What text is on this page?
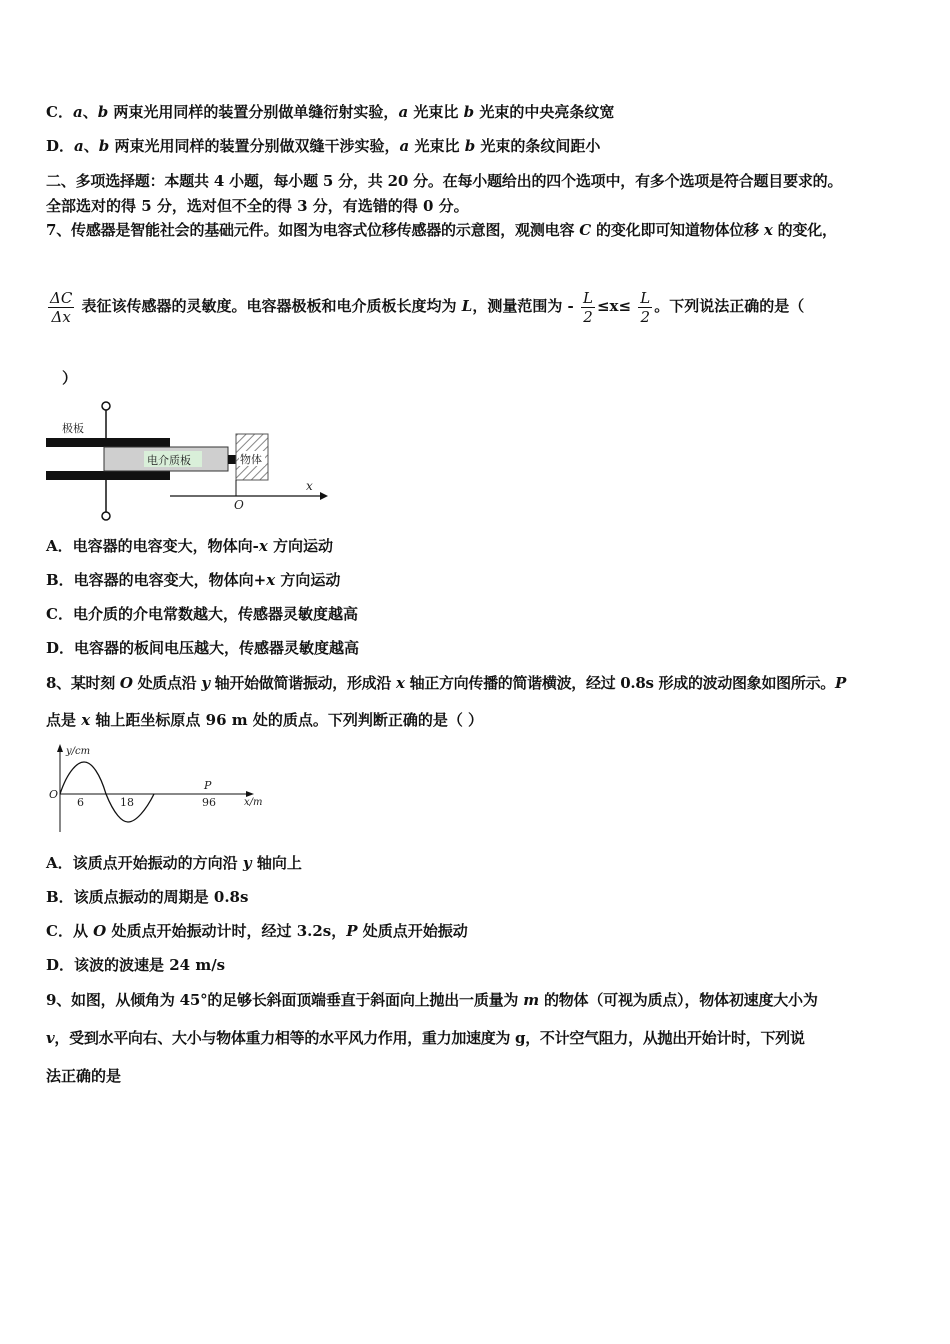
C．a、b 两束光用同样的装置分别做单缝衍射实验，a 光束比 b 光束的中央亮条纹宽
D．a、b 两束光用同样的装置分别做双缝干涉实验，a 光束比 b 光束的条纹间距小
二、多项选择题：本题共 4 小题，每小题 5 分，共 20 分。在每小题给出的四个选项中，有多个选项是符合题目要求的。
全部选对的得 5 分，选对但不全的得 3 分，有选错的得 0 分。
7、传感器是智能社会的基础元件。如图为电容式位移传感器的示意图，观测电容 C 的变化即可知道物体位移 x 的变化，
$\frac{\Delta C}{\Delta x}$ 表征该传感器的灵敏度。电容器极板和电介质板长度均为 L，测量范围为 - $\frac{L}{2} \le x\le \frac{L}{2}$ 。下列说法正确的是（
）
极板
电介质板	物体
x
O
A．电容器的电容变大，物体向-x 方向运动
B．电容器的电容变大，物体向+x 方向运动
C．电介质的介电常数越大，传感器灵敏度越高
D．电容器的板间电压越大，传感器灵敏度越高
8、某时刻 O 处质点沿 y 轴开始做简谐振动，形成沿 x 轴正方向传播的简谐横波，经过 0.8s 形成的波动图象如图所示。P
点是 x 轴上距坐标原点 96 m 处的质点。下列判断正确的是（ ）
y/cm
x/m
O
6	18	96
P
A．该质点开始振动的方向沿 y 轴向上
B．该质点振动的周期是 0.8s
C．从 O 处质点开始振动计时，经过 3.2s，P 处质点开始振动
D．该波的波速是 24 m/s
9、如图，从倾角为 45°的足够长斜面顶端垂直于斜面向上抛出一质量为 m 的物体（可视为质点），物体初速度大小为
v，受到水平向右、大小与物体重力相等的水平风力作用，重力加速度为 g，不计空气阻力，从抛出开始计时，下列说
法正确的是
